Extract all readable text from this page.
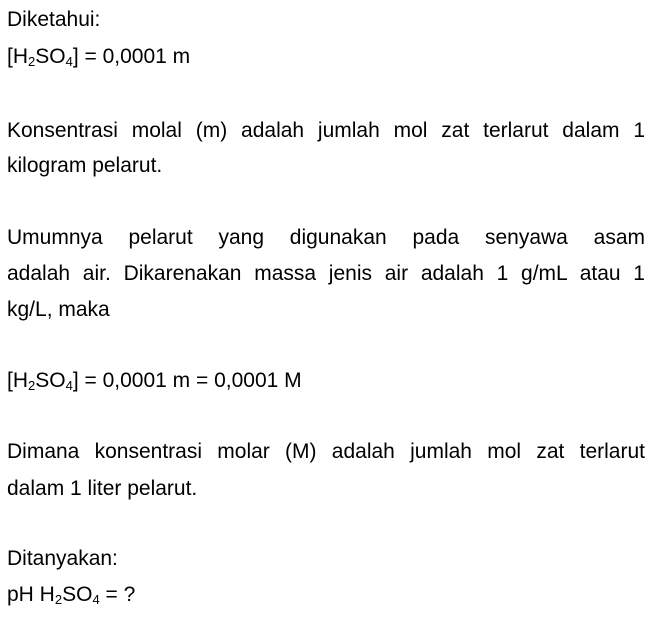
Diketahui:
$[H_2SO_4] = 0,0001$ m
Konsentrasi molal (m) adalah jumlah mol zat terlarut dalam 1
kilogram pelarut.
Umumnya pelarut yang digunakan pada senyawa asam
adalah air. Dikarenakan massa jenis air adalah 1 g/mL atau 1
kg/L, maka
$[H_2SO_4] = 0,0001$ m = 0,0001 M
Dimana konsentrasi molar (M) adalah jumlah mol zat terlarut
dalam 1 liter pelarut.
Ditanyakan:
pH $H_2SO_4$ = ?
